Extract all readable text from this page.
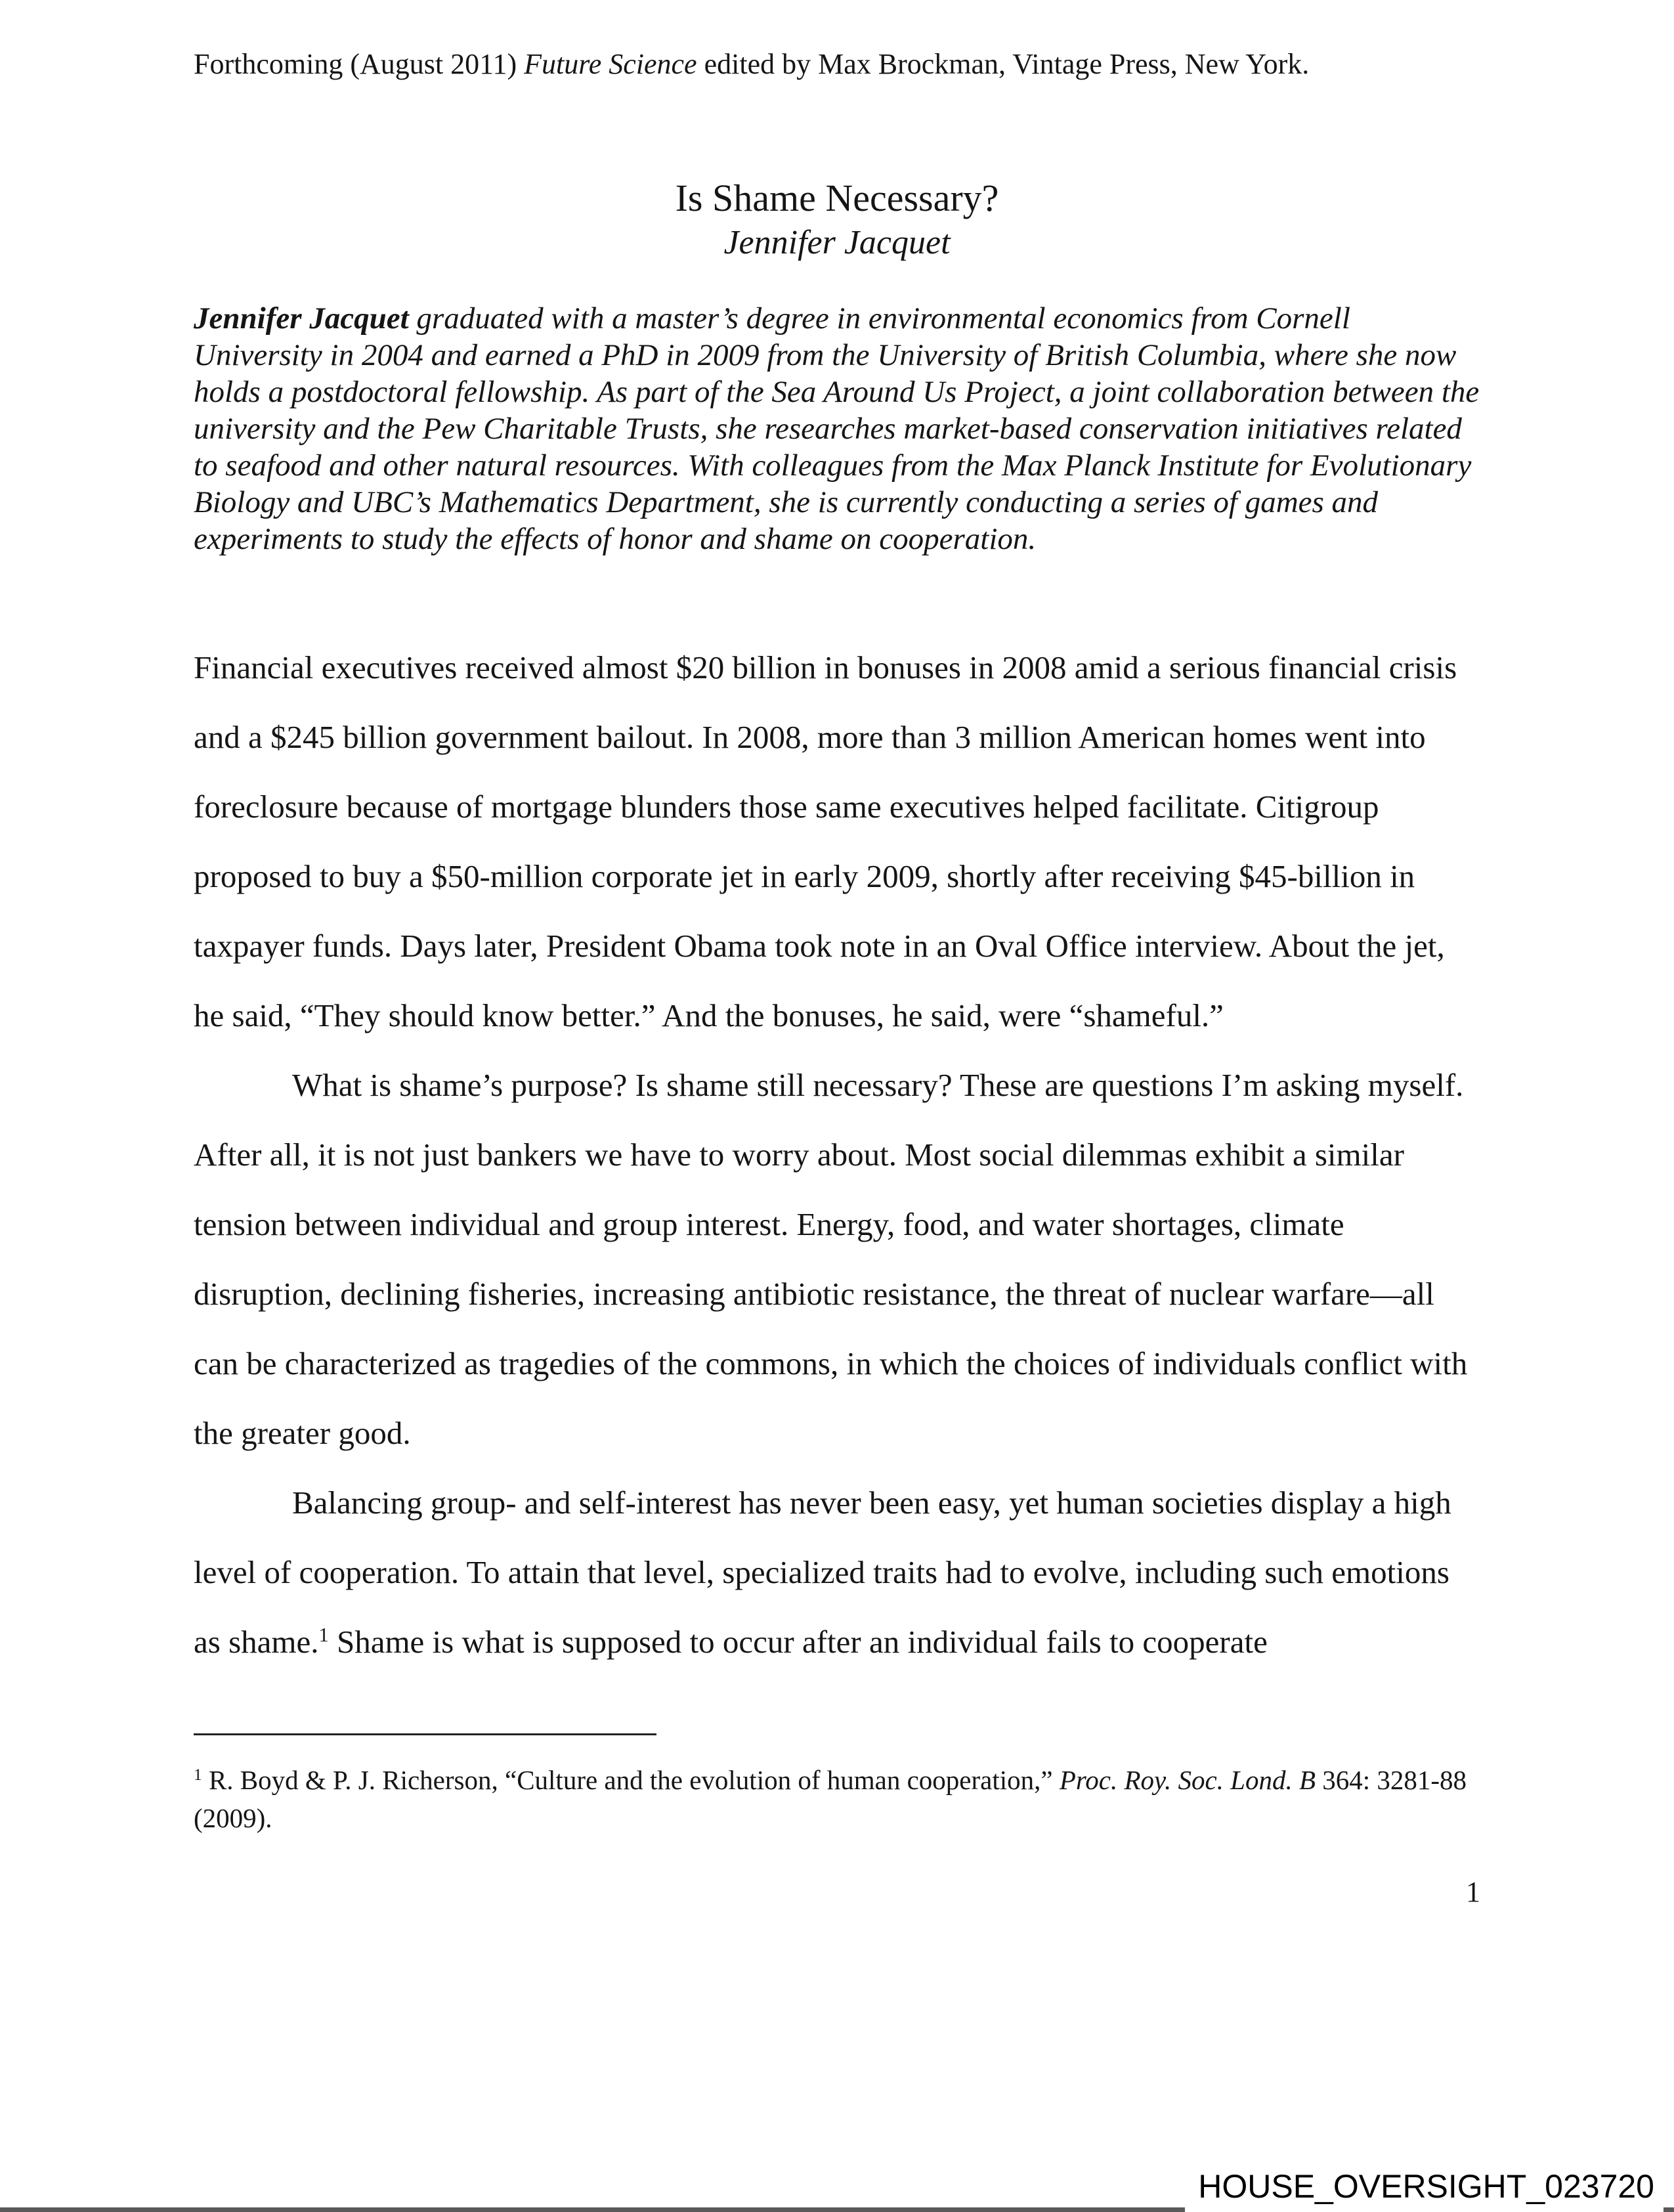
Forthcoming (August 2011) Future Science edited by Max Brockman, Vintage Press, New York.
Is Shame Necessary?
Jennifer Jacquet
Jennifer Jacquet graduated with a master’s degree in environmental economics from Cornell University in 2004 and earned a PhD in 2009 from the University of British Columbia, where she now holds a postdoctoral fellowship. As part of the Sea Around Us Project, a joint collaboration between the university and the Pew Charitable Trusts, she researches market-based conservation initiatives related to seafood and other natural resources. With colleagues from the Max Planck Institute for Evolutionary Biology and UBC’s Mathematics Department, she is currently conducting a series of games and experiments to study the effects of honor and shame on cooperation.

Financial executives received almost $20 billion in bonuses in 2008 amid a serious financial crisis and a $245 billion government bailout. In 2008, more than 3 million American homes went into foreclosure because of mortgage blunders those same executives helped facilitate. Citigroup proposed to buy a $50-million corporate jet in early 2009, shortly after receiving $45-billion in taxpayer funds. Days later, President Obama took note in an Oval Office interview. About the jet, he said, “They should know better.” And the bonuses, he said, were “shameful.”

What is shame’s purpose? Is shame still necessary? These are questions I’m asking myself. After all, it is not just bankers we have to worry about. Most social dilemmas exhibit a similar tension between individual and group interest. Energy, food, and water shortages, climate disruption, declining fisheries, increasing antibiotic resistance, the threat of nuclear warfare—all can be characterized as tragedies of the commons, in which the choices of individuals conflict with the greater good.

Balancing group- and self-interest has never been easy, yet human societies display a high level of cooperation. To attain that level, specialized traits had to evolve, including such emotions as shame.$^1$ Shame is what is supposed to occur after an individual fails to cooperate

$^1$ R. Boyd & P. J. Richerson, “Culture and the evolution of human cooperation,” Proc. Roy. Soc. Lond. B 364: 3281-88 (2009).
1
HOUSE_OVERSIGHT_023720
